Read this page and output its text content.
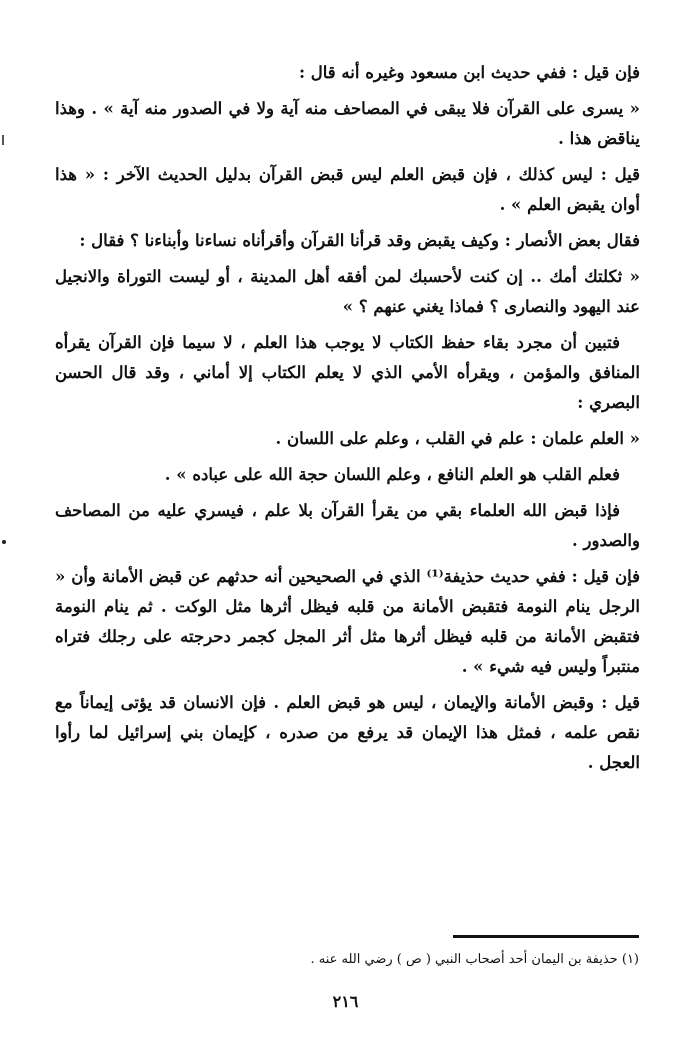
فإن قيل : ففي حديث ابن مسعود وغيره أنه قال :

« يسرى على القرآن فلا يبقى في المصاحف منه آية ولا في الصدور منه آية » . وهذا يناقض هذا .

قيل : ليس كذلك ، فإن قبض العلم ليس قبض القرآن بدليل الحديث الآخر : « هذا أوان يقبض العلم » .

فقال بعض الأنصار : وكيف يقبض وقد قرأنا القرآن وأقرأناه نساءنا وأبناءنا ؟ فقال :

« ثكلتك أمك .. إن كنت لأحسبك لمن أفقه أهل المدينة ، أو ليست التوراة والانجيل عند اليهود والنصارى ؟ فماذا يغني عنهم ؟ »

فتبين أن مجرد بقاء حفظ الكتاب لا يوجب هذا العلم ، لا سيما فإن القرآن يقرأه المنافق والمؤمن ، ويقرأه الأمي الذي لا يعلم الكتاب إلا أماني ، وقد قال الحسن البصري :

« العلم علمان : علم في القلب ، وعلم على اللسان .

فعلم القلب هو العلم النافع ، وعلم اللسان حجة الله على عباده » .

فإذا قبض الله العلماء بقي من يقرأ القرآن بلا علم ، فيسري عليه من المصاحف والصدور .

فإن قيل : ففي حديث حذيفة⁽¹⁾ الذي في الصحيحين أنه حدثهم عن قبض الأمانة وأن « الرجل ينام النومة فتقبض الأمانة من قلبه فيظل أثرها مثل الوكت . ثم ينام النومة فتقبض الأمانة من قلبه فيظل أثرها مثل أثر المجل كجمر دحرجته على رجلك فتراه منتبراً وليس فيه شيء » .

قيل : وقبض الأمانة والإيمان ، ليس هو قبض العلم . فإن الانسان قد يؤتى إيماناً مع نقص علمه ، فمثل هذا الإيمان قد يرفع من صدره ، كإيمان بني إسرائيل لما رأوا العجل .

(١) حذيفة بن اليمان أحد أصحاب النبي ( ص ) رضي الله عنه .
٢١٦
